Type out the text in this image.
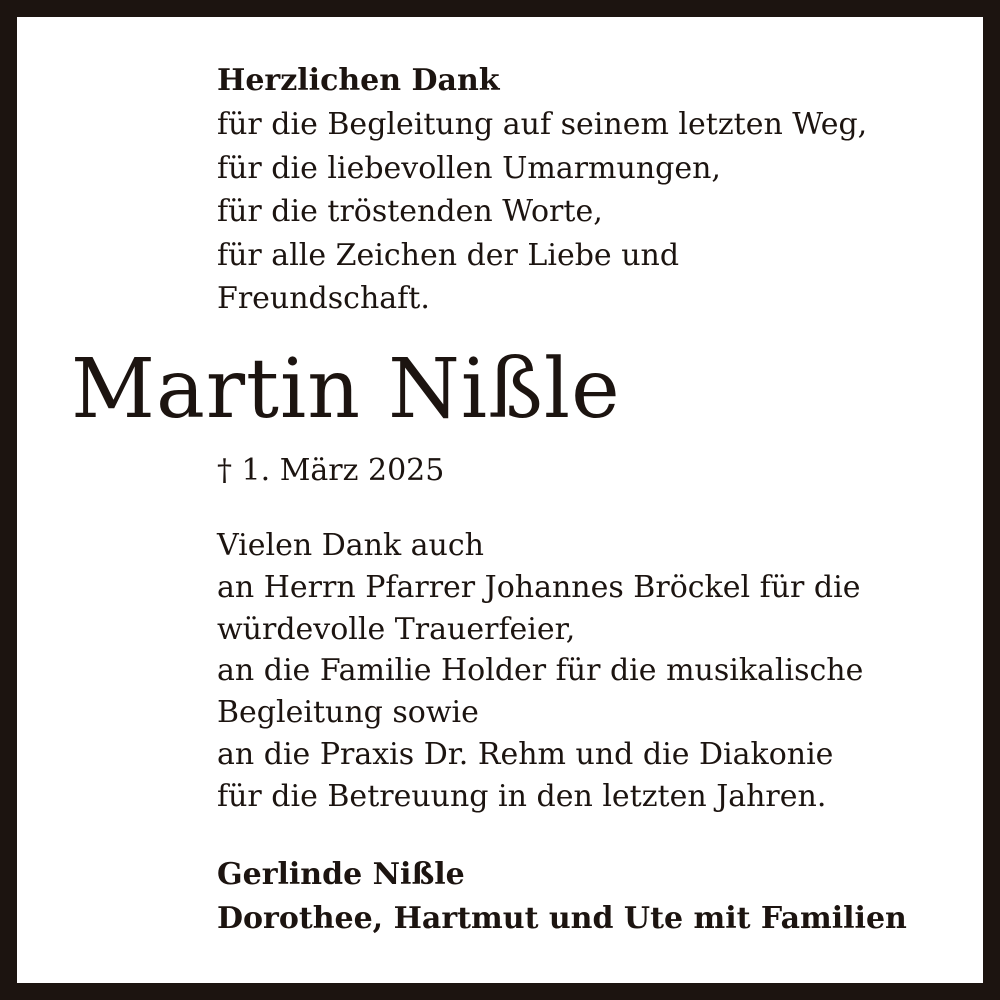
Herzlichen Dank
für die Begleitung auf seinem letzten Weg,
für die liebevollen Umarmungen,
für die tröstenden Worte,
für alle Zeichen der Liebe und
Freundschaft.
Martin Nißle
† 1. März 2025
Vielen Dank auch
an Herrn Pfarrer Johannes Bröckel für die
würdevolle Trauerfeier,
an die Familie Holder für die musikalische
Begleitung sowie
an die Praxis Dr. Rehm und die Diakonie
für die Betreuung in den letzten Jahren.
Gerlinde Nißle
Dorothee, Hartmut und Ute mit Familien
